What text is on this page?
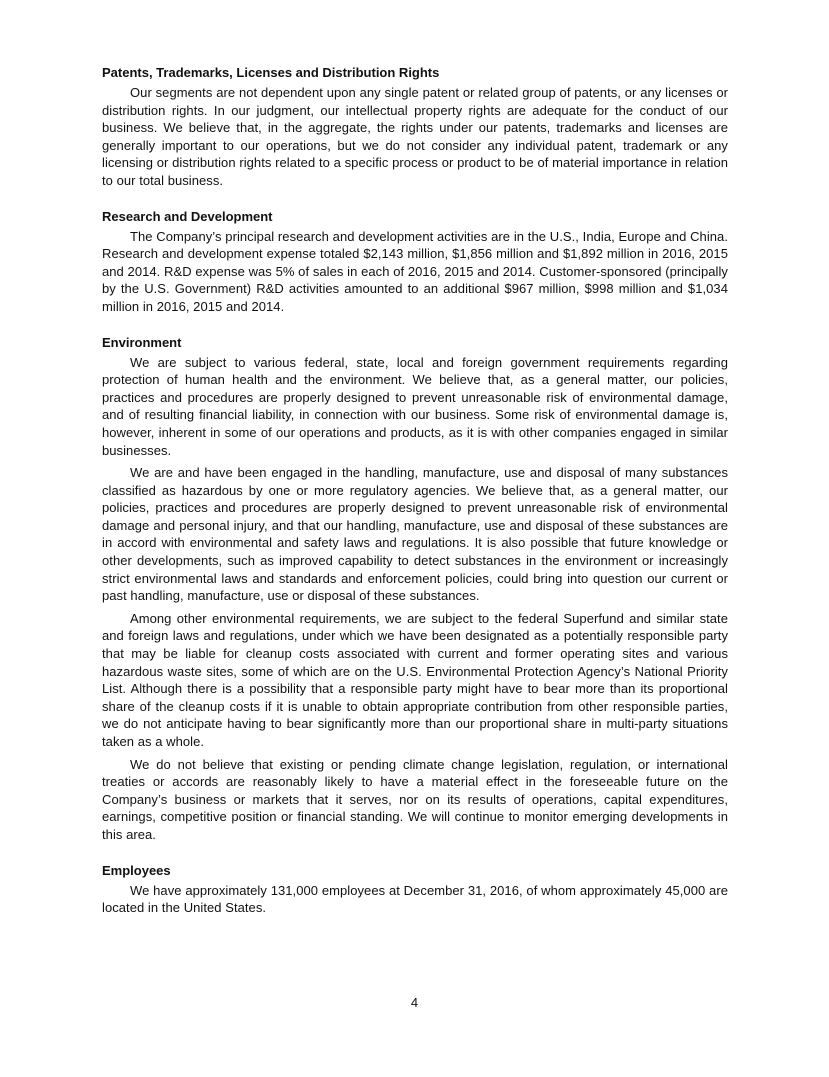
Patents, Trademarks, Licenses and Distribution Rights

Our segments are not dependent upon any single patent or related group of patents, or any licenses or distribution rights. In our judgment, our intellectual property rights are adequate for the conduct of our business. We believe that, in the aggregate, the rights under our patents, trademarks and licenses are generally important to our operations, but we do not consider any individual patent, trademark or any licensing or distribution rights related to a specific process or product to be of material importance in relation to our total business.

Research and Development

The Company’s principal research and development activities are in the U.S., India, Europe and China. Research and development expense totaled $2,143 million, $1,856 million and $1,892 million in 2016, 2015 and 2014. R&D expense was 5% of sales in each of 2016, 2015 and 2014. Customer-sponsored (principally by the U.S. Government) R&D activities amounted to an additional $967 million, $998 million and $1,034 million in 2016, 2015 and 2014.

Environment

We are subject to various federal, state, local and foreign government requirements regarding protection of human health and the environment. We believe that, as a general matter, our policies, practices and procedures are properly designed to prevent unreasonable risk of environmental damage, and of resulting financial liability, in connection with our business. Some risk of environmental damage is, however, inherent in some of our operations and products, as it is with other companies engaged in similar businesses.

We are and have been engaged in the handling, manufacture, use and disposal of many substances classified as hazardous by one or more regulatory agencies. We believe that, as a general matter, our policies, practices and procedures are properly designed to prevent unreasonable risk of environmental damage and personal injury, and that our handling, manufacture, use and disposal of these substances are in accord with environmental and safety laws and regulations. It is also possible that future knowledge or other developments, such as improved capability to detect substances in the environment or increasingly strict environmental laws and standards and enforcement policies, could bring into question our current or past handling, manufacture, use or disposal of these substances.

Among other environmental requirements, we are subject to the federal Superfund and similar state and foreign laws and regulations, under which we have been designated as a potentially responsible party that may be liable for cleanup costs associated with current and former operating sites and various hazardous waste sites, some of which are on the U.S. Environmental Protection Agency’s National Priority List. Although there is a possibility that a responsible party might have to bear more than its proportional share of the cleanup costs if it is unable to obtain appropriate contribution from other responsible parties, we do not anticipate having to bear significantly more than our proportional share in multi-party situations taken as a whole.

We do not believe that existing or pending climate change legislation, regulation, or international treaties or accords are reasonably likely to have a material effect in the foreseeable future on the Company’s business or markets that it serves, nor on its results of operations, capital expenditures, earnings, competitive position or financial standing. We will continue to monitor emerging developments in this area.

Employees

We have approximately 131,000 employees at December 31, 2016, of whom approximately 45,000 are located in the United States.

4
